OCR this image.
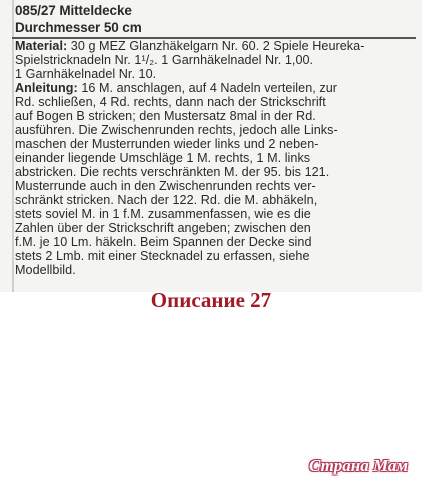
085/27 Mitteldecke
Durchmesser 50 cm
Material: 30 g MEZ Glanzhäkelgarn Nr. 60. 2 Spiele Heureka-
Spielstricknadeln Nr. 1¹/₂. 1 Garnhäkelnadel Nr. 1,00.
1 Garnhäkelnadel Nr. 10.
Anleitung: 16 M. anschlagen, auf 4 Nadeln verteilen, zur
Rd. schließen, 4 Rd. rechts, dann nach der Strickschrift
auf Bogen B stricken; den Mustersatz 8mal in der Rd.
ausführen. Die Zwischenrunden rechts, jedoch alle Links-
maschen der Musterrunden wieder links und 2 neben-
einander liegende Umschläge 1 M. rechts, 1 M. links
abstricken. Die rechts verschränkten M. der 95. bis 121.
Musterrunde auch in den Zwischenrunden rechts ver-
schränkt stricken. Nach der 122. Rd. die M. abhäkeln,
stets soviel M. in 1 f.M. zusammenfassen, wie es die
Zahlen über der Strickschrift angeben; zwischen den
f.M. je 10 Lm. häkeln. Beim Spannen der Decke sind
stets 2 Lmb. mit einer Stecknadel zu erfassen, siehe
Modellbild.
Описание 27
Страна Мам
